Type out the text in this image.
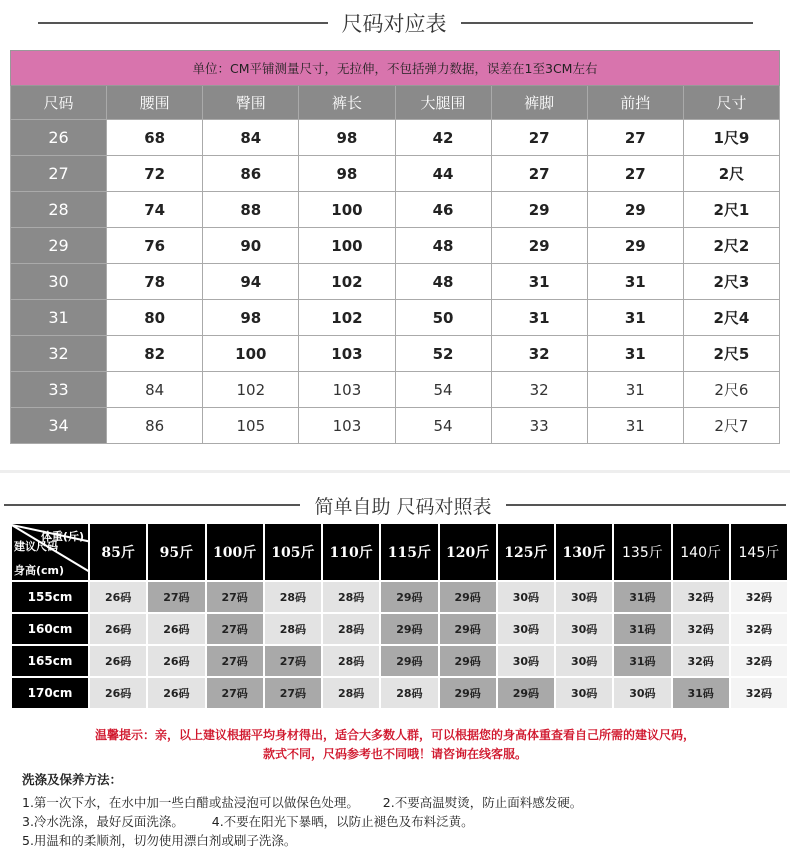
尺码对应表
单位：CM平铺测量尺寸，无拉伸，不包括弹力数据，误差在1至3CM左右							
尺码	腰围	臀围	裤长	大腿围	裤脚	前挡	尺寸
26	68	84	98	42	27	27	1尺9
27	72	86	98	44	27	27	2尺
28	74	88	100	46	29	29	2尺1
29	76	90	100	48	29	29	2尺2
30	78	94	102	48	31	31	2尺3
31	80	98	102	50	31	31	2尺4
32	82	100	103	52	32	31	2尺5
33	84	102	103	54	32	31	2尺6
34	86	105	103	54	33	31	2尺7
简单自助 尺码对照表
体重(斤)
建议尺码
身高(cm)	85斤	95斤	100斤	105斤	110斤	115斤	120斤	125斤	130斤	135斤	140斤	145斤
155cm	26码	27码	27码	28码	28码	29码	29码	30码	30码	31码	32码	32码
160cm	26码	26码	27码	28码	28码	29码	29码	30码	30码	31码	32码	32码
165cm	26码	26码	27码	27码	28码	29码	29码	30码	30码	31码	32码	32码
170cm	26码	26码	27码	27码	28码	28码	29码	29码	30码	30码	31码	32码
温馨提示：亲，以上建议根据平均身材得出，适合大多数人群，可以根据您的身高体重查看自己所需的建议尺码，
款式不同，尺码参考也不同哦！请咨询在线客服。
洗涤及保养方法：
1.第一次下水，在水中加一些白醋或盐浸泡可以做保色处理。      2.不要高温熨烫，防止面料感发硬。
3.冷水洗涤，最好反面洗涤。       4.不要在阳光下暴晒，以防止褪色及布料泛黄。
5.用温和的柔顺剂，切勿使用漂白剂或刷子洗涤。
